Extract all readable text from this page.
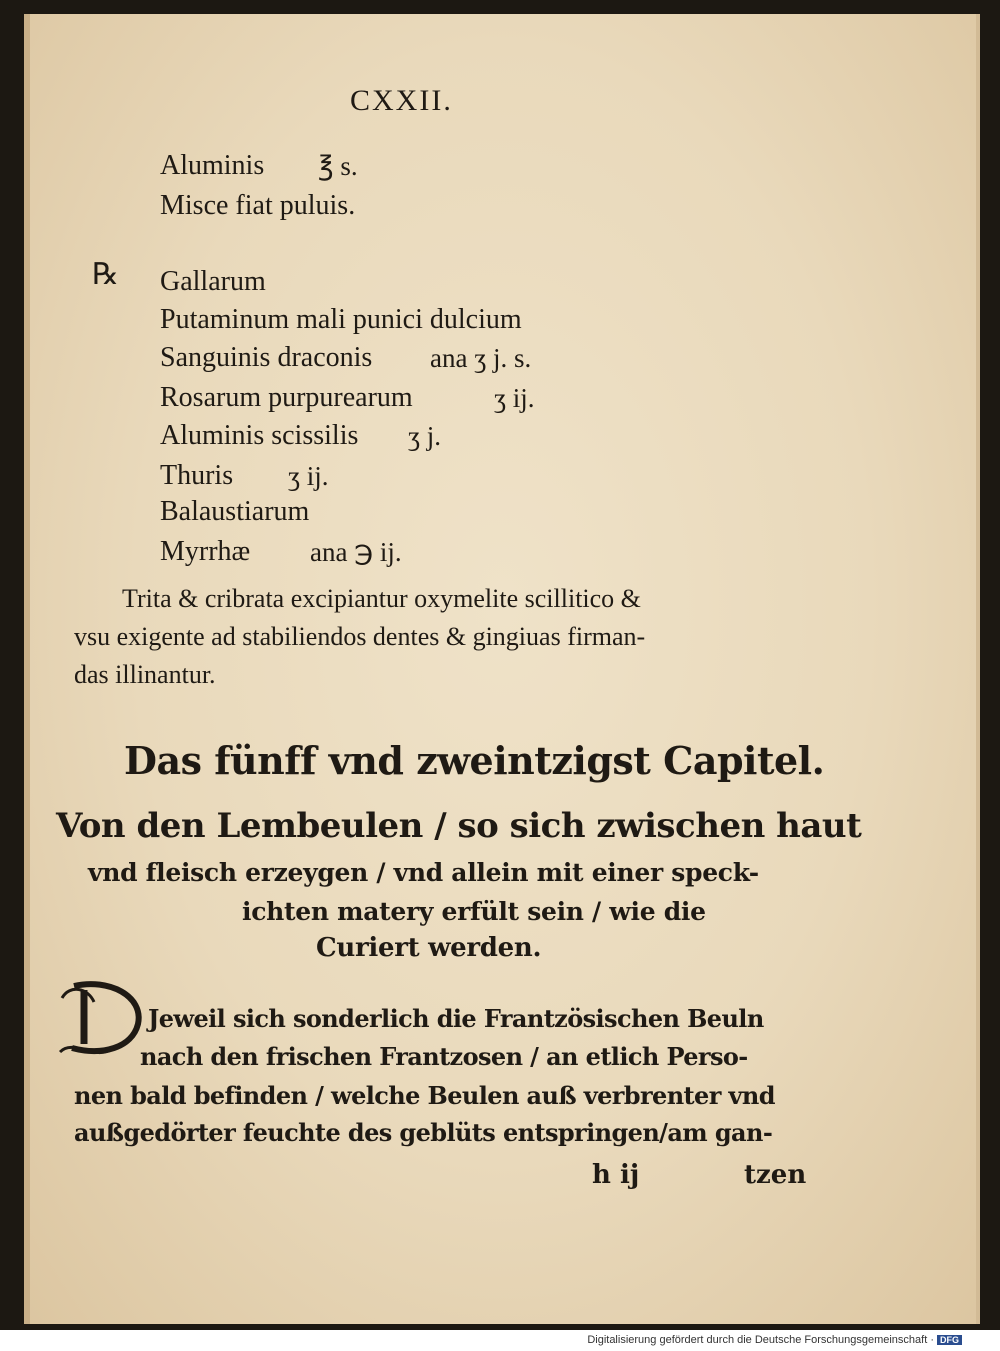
CXXII.
Aluminis ℥ s.
Misce fiat puluis.
℞ Gallarum
Putaminum mali punici dulcium
Sanguinis draconis ana ʒ j. s.
Rosarum purpurearum	ʒ ij.
Aluminis scissilis ʒ j.
Thuris ʒ ij.
Balaustiarum
Myrrhæ ana ℈ ij.
Trita & cribrata excipiantur oxymelite scillitico &
vsu exigente ad stabiliendos dentes & gingiuas firman-
das illinantur.
Das fünff vnd zweintzigst Capitel.
Von den Lembeulen / so sich zwischen haut
vnd fleisch erzeygen / vnd allein mit einer speck-
ichten matery erfült sein / wie die
Curiert werden.
D
Jeweil sich sonderlich die Frantzösischen Beuln
nach den frischen Frantzosen / an etlich Perso-
nen bald befinden / welche Beulen auß verbrenter vnd
außgedörter feuchte des geblüts entspringen/am gan-
h ij	tzen
Digitalisierung gefördert durch die Deutsche Forschungsgemeinschaft · DFG
